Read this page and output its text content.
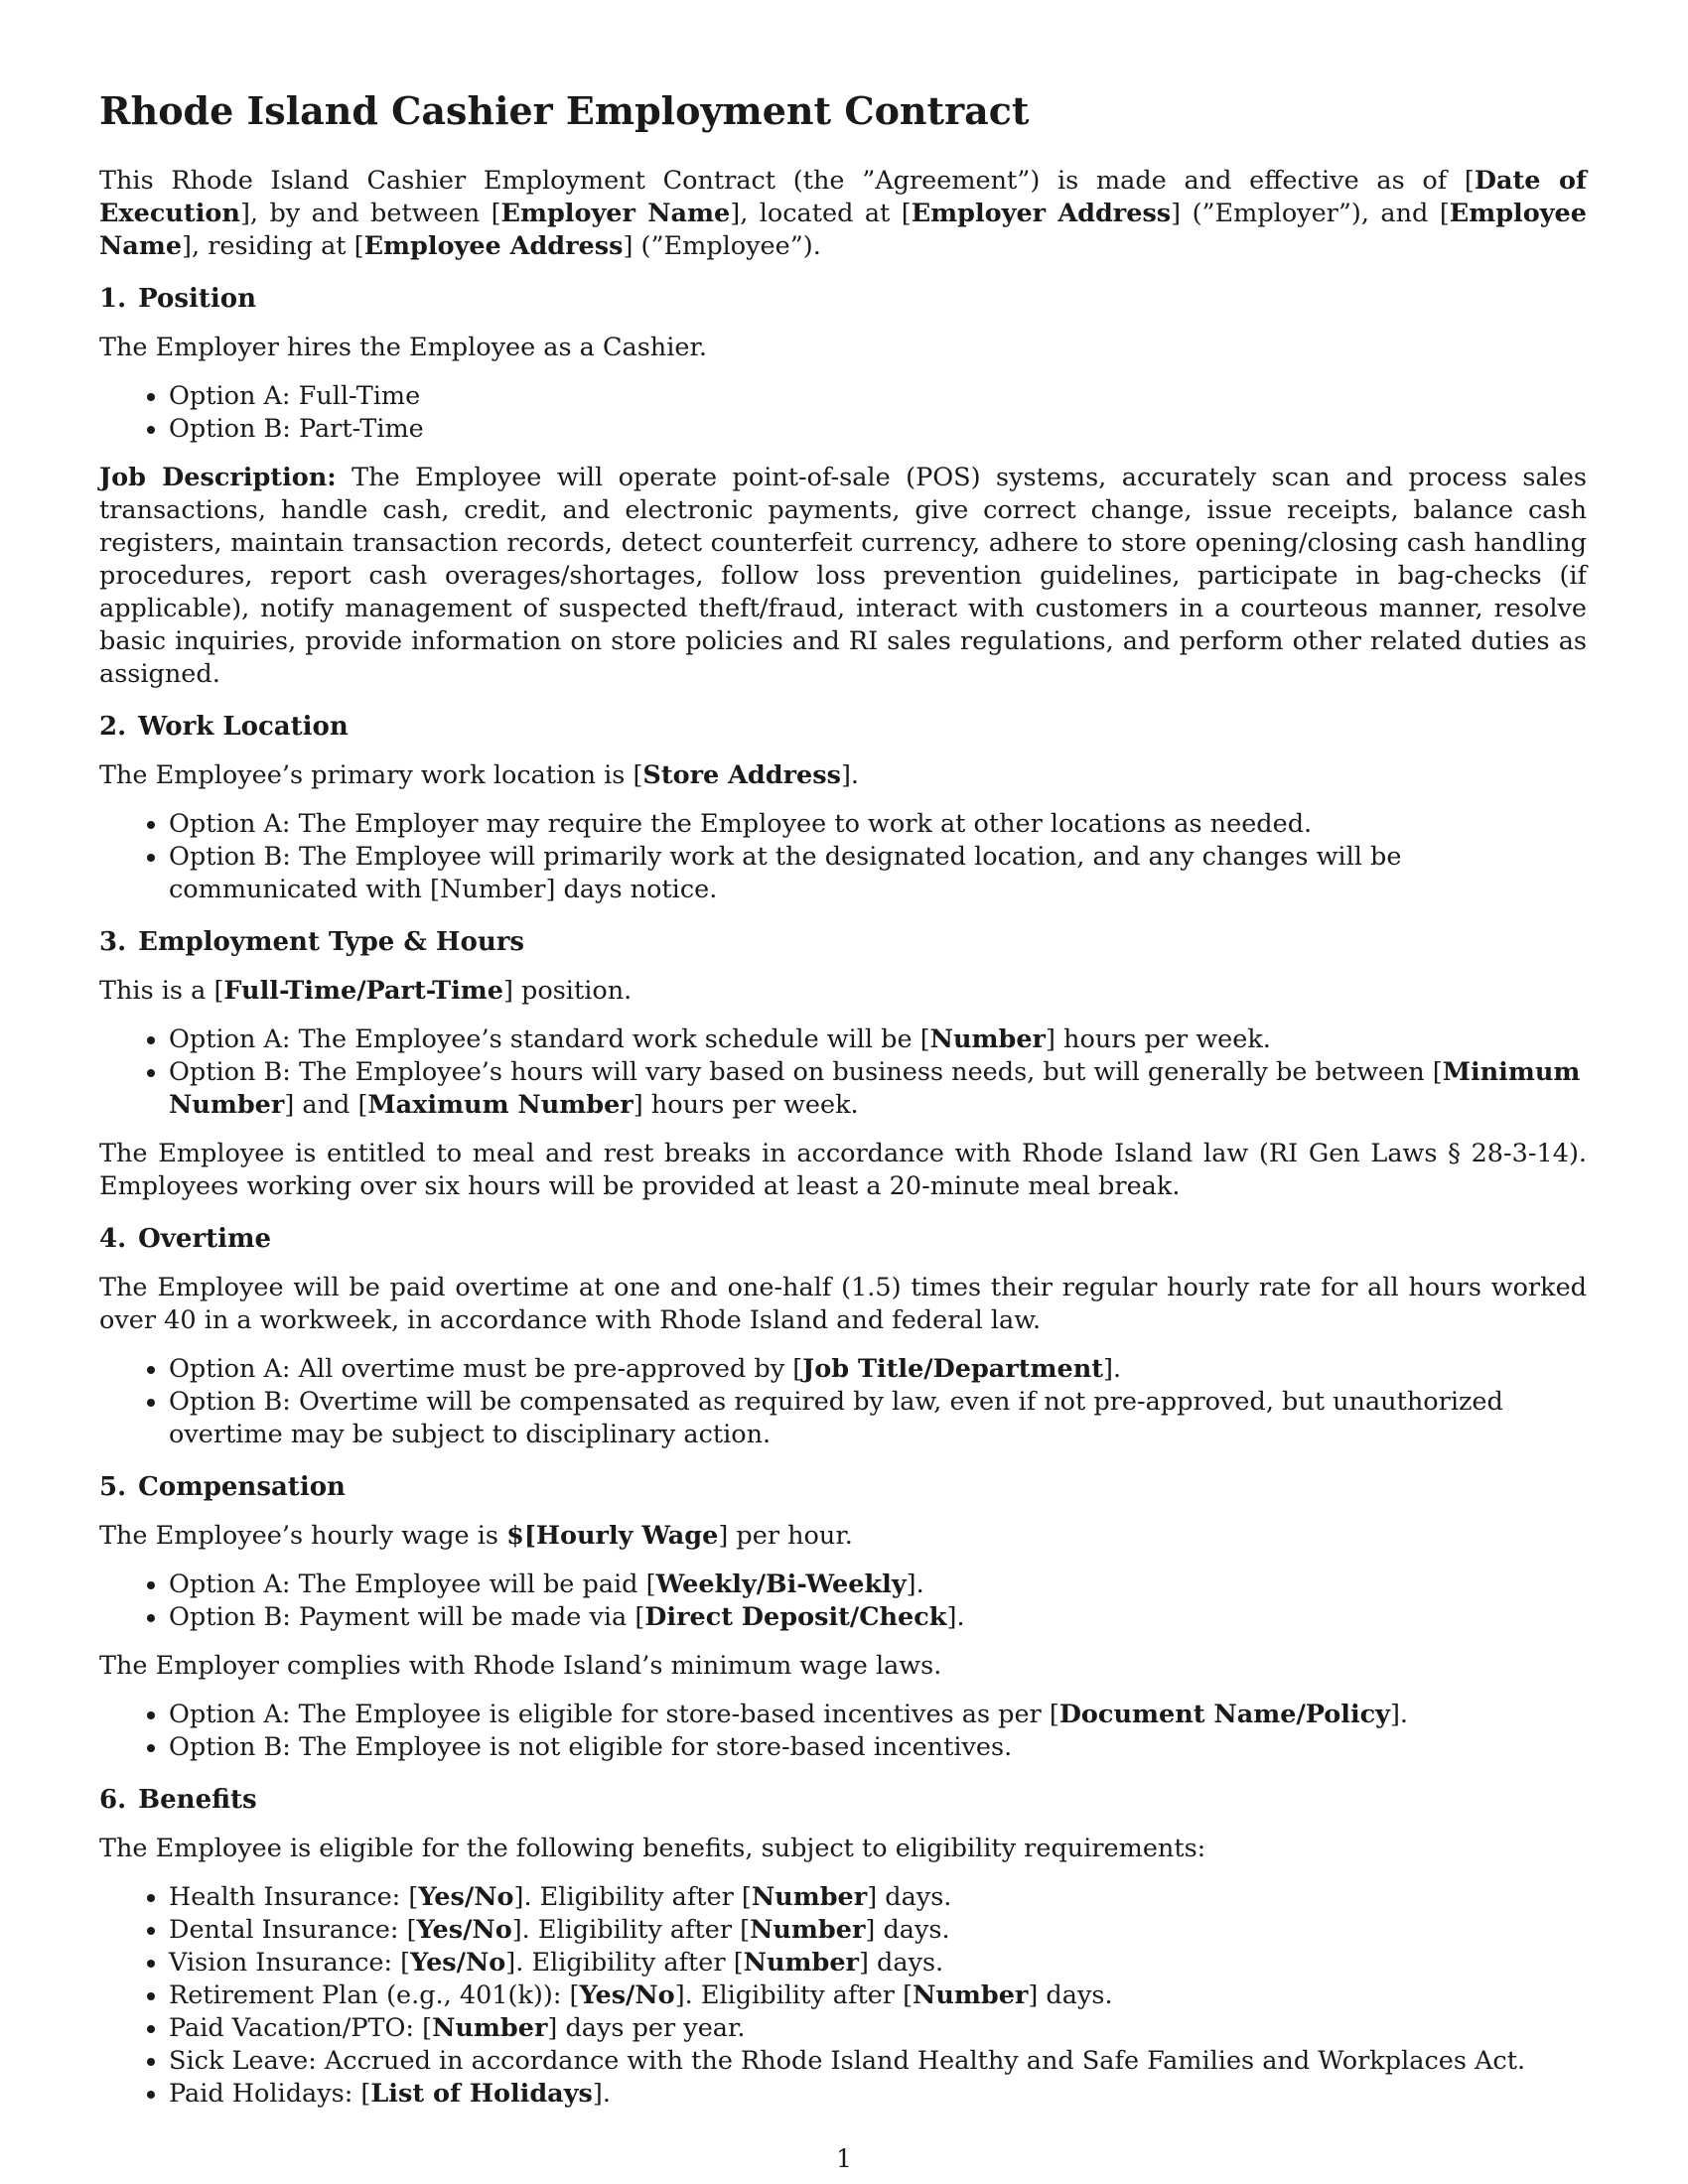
Rhode Island Cashier Employment Contract

This Rhode Island Cashier Employment Contract (the ”Agreement”) is made and effective as of [Date of Execution], by and between [Employer Name], located at [Employer Address] (”Employer”), and [Employee Name], residing at [Employee Address] (”Employee”).

1. Position

The Employer hires the Employee as a Cashier.

• Option A: Full-Time
• Option B: Part-Time

Job Description: The Employee will operate point-of-sale (POS) systems, accurately scan and process sales transactions, handle cash, credit, and electronic payments, give correct change, issue receipts, balance cash registers, maintain transaction records, detect counterfeit currency, adhere to store opening/closing cash handling procedures, report cash overages/shortages, follow loss prevention guidelines, participate in bag-checks (if applicable), notify management of suspected theft/fraud, interact with customers in a courteous manner, resolve basic inquiries, provide information on store policies and RI sales regulations, and perform other related duties as assigned.

2. Work Location

The Employee’s primary work location is [Store Address].

• Option A: The Employer may require the Employee to work at other locations as needed.
• Option B: The Employee will primarily work at the designated location, and any changes will be communicated with [Number] days notice.
3. Employment Type & Hours

This is a [Full-Time/Part-Time] position.

• Option A: The Employee’s standard work schedule will be [Number] hours per week.
• Option B: The Employee’s hours will vary based on business needs, but will generally be between [Minimum Number] and [Maximum Number] hours per week.

The Employee is entitled to meal and rest breaks in accordance with Rhode Island law (RI Gen Laws § 28-3-14). Employees working over six hours will be provided at least a 20-minute meal break.

4. Overtime

The Employee will be paid overtime at one and one-half (1.5) times their regular hourly rate for all hours worked over 40 in a workweek, in accordance with Rhode Island and federal law.

• Option A: All overtime must be pre-approved by [Job Title/Department].
• Option B: Overtime will be compensated as required by law, even if not pre-approved, but unauthorized overtime may be subject to disciplinary action.
5. Compensation

The Employee’s hourly wage is $[Hourly Wage] per hour.

• Option A: The Employee will be paid [Weekly/Bi-Weekly].
• Option B: Payment will be made via [Direct Deposit/Check].

The Employer complies with Rhode Island’s minimum wage laws.

• Option A: The Employee is eligible for store-based incentives as per [Document Name/Policy].
• Option B: The Employee is not eligible for store-based incentives.
6. Benefits

The Employee is eligible for the following benefits, subject to eligibility requirements:

• Health Insurance: [Yes/No]. Eligibility after [Number] days.
• Dental Insurance: [Yes/No]. Eligibility after [Number] days.
• Vision Insurance: [Yes/No]. Eligibility after [Number] days.
• Retirement Plan (e.g., 401(k)): [Yes/No]. Eligibility after [Number] days.
• Paid Vacation/PTO: [Number] days per year.
• Sick Leave: Accrued in accordance with the Rhode Island Healthy and Safe Families and Workplaces Act.
• Paid Holidays: [List of Holidays].
1
